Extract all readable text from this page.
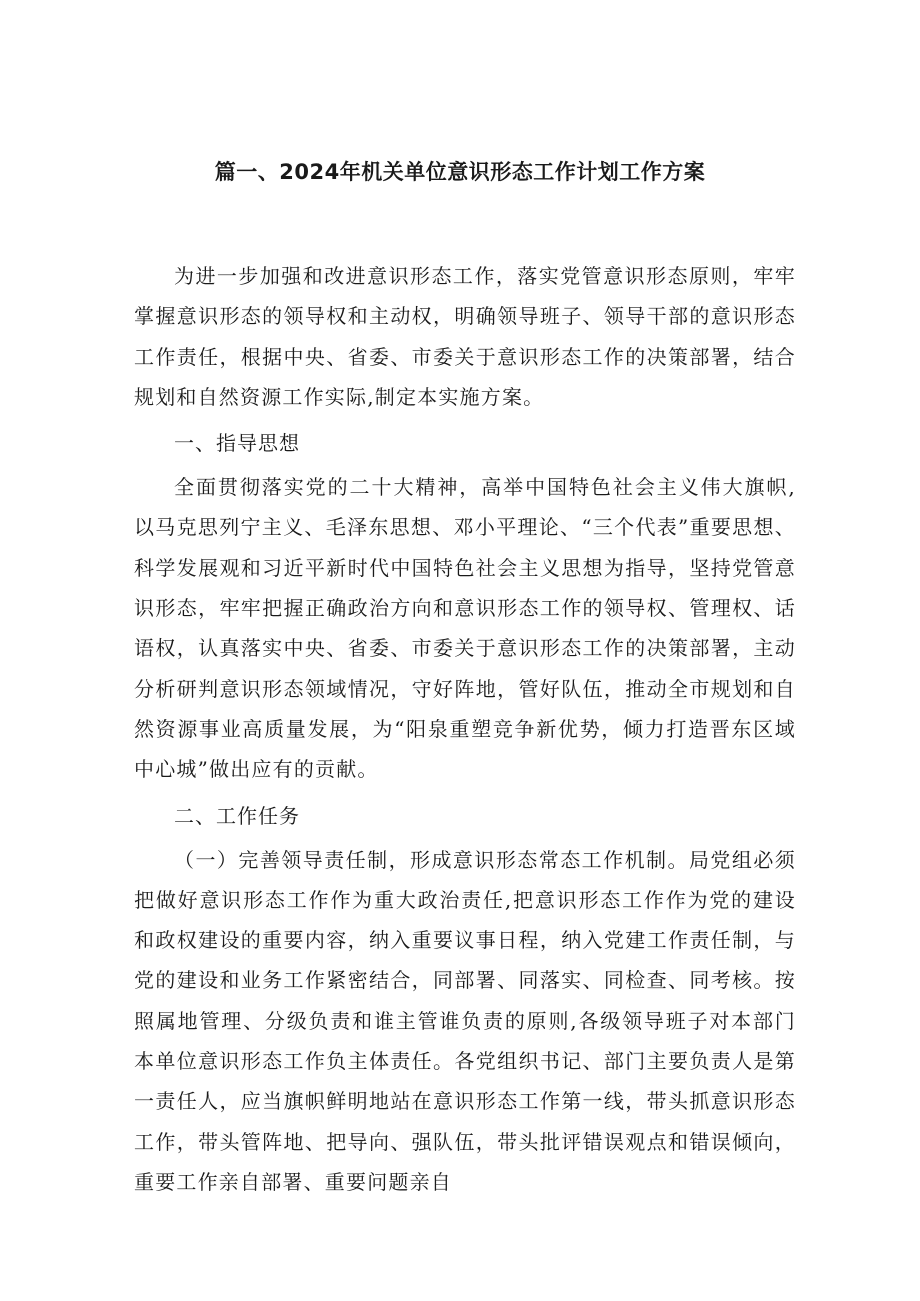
篇一、2024年机关单位意识形态工作计划工作方案

为进一步加强和改进意识形态工作，落实党管意识形态原则，牢牢掌握意识形态的领导权和主动权，明确领导班子、领导干部的意识形态工作责任，根据中央、省委、市委关于意识形态工作的决策部署，结合规划和自然资源工作实际,制定本实施方案。

一、指导思想

全面贯彻落实党的二十大精神，高举中国特色社会主义伟大旗帜,以马克思列宁主义、毛泽东思想、邓小平理论、“三个代表”重要思想、科学发展观和习近平新时代中国特色社会主义思想为指导，坚持党管意识形态，牢牢把握正确政治方向和意识形态工作的领导权、管理权、话语权，认真落实中央、省委、市委关于意识形态工作的决策部署，主动分析研判意识形态领域情况，守好阵地，管好队伍，推动全市规划和自然资源事业高质量发展，为“阳泉重塑竞争新优势，倾力打造晋东区域中心城”做出应有的贡献。

二、工作任务

（一）完善领导责任制，形成意识形态常态工作机制。局党组必须把做好意识形态工作作为重大政治责任,把意识形态工作作为党的建设和政权建设的重要内容，纳入重要议事日程，纳入党建工作责任制，与党的建设和业务工作紧密结合，同部署、同落实、同检查、同考核。按照属地管理、分级负责和谁主管谁负责的原则,各级领导班子对本部门本单位意识形态工作负主体责任。各党组织书记、部门主要负责人是第一责任人，应当旗帜鲜明地站在意识形态工作第一线，带头抓意识形态工作，带头管阵地、把导向、强队伍，带头批评错误观点和错误倾向，重要工作亲自部署、重要问题亲自
